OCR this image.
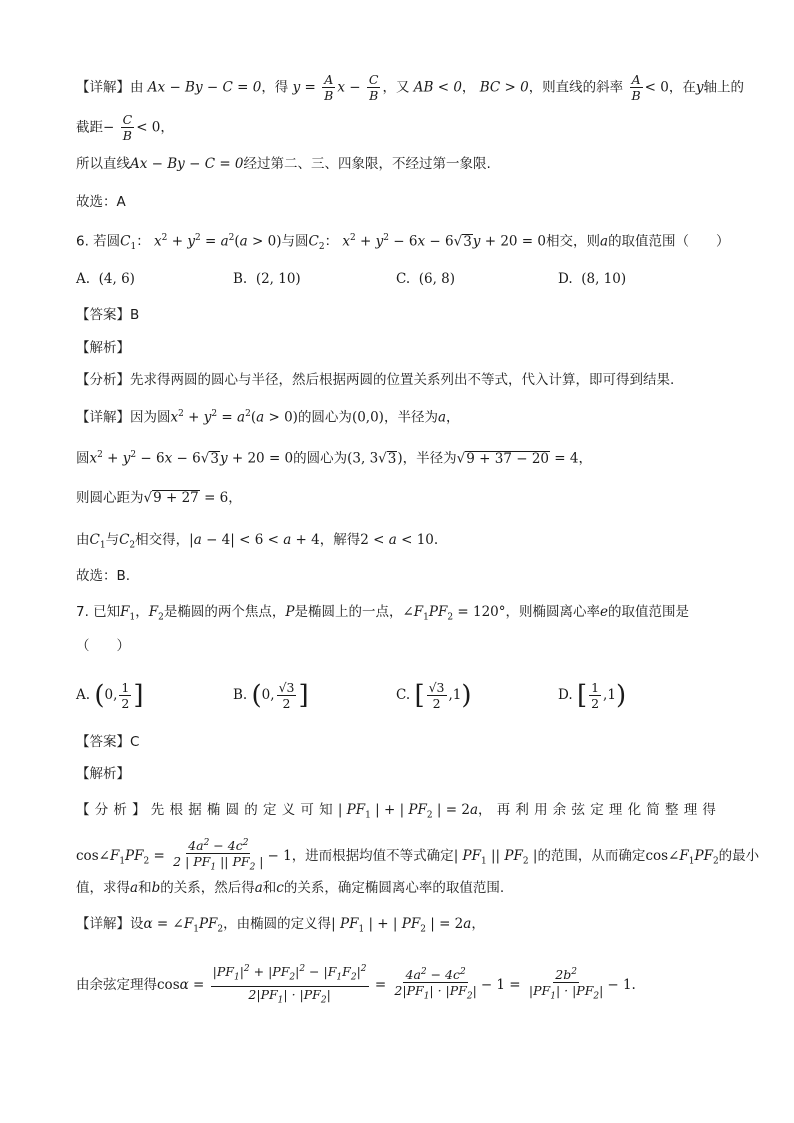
【详解】由 Ax − By − C = 0，得 $y = \frac{A}{B}$ $x - \frac{C}{B}$ ，又 AB < 0， BC > 0，则直线的斜率 $\frac{A}{B} < 0$，在y轴上的
截距− $\frac{C}{B} < 0$，
所以直线Ax − By − C = 0经过第二、三、四象限，不经过第一象限.
故选：A
6. 若圆$C_1$： $x^2 + y^2 = a^2(a > 0)$与圆$C_2$： $x^2 + y^2 - 6x - 6√3y + 20 = 0$相交，则a的取值范围（　　）
A. (4, 6)	B. (2, 10)	C. (6, 8)	D. (8, 10)
【答案】B
【解析】
【分析】先求得两圆的圆心与半径，然后根据两圆的位置关系列出不等式，代入计算，即可得到结果.
【详解】因为圆$x^2 + y^2 = a^2(a > 0)$的圆心为(0,0)，半径为a，
圆$x^2 + y^2 - 6x - 6√3y + 20 = 0$的圆心为(3, 3√3)，半径为√9 + 37 − 20 = 4，
则圆心距为√9 + 27 = 6，
由$C_1$与$C_2$相交得，|a − 4| < 6 < a + 4，解得2 < a < 10.
故选：B.
7. 已知$F_1$，$F_2$是椭圆的两个焦点，P是椭圆上的一点，$\angle F_1PF_2 = 120^\circ$，则椭圆离心率e的取值范围是
（　　）
A. (0, $\frac{1}{2}$ ]	B. (0, $\frac{√3}{2}$ ]	C. [ $\frac{√3}{2} ,1$)	D. [ $\frac{1}{2} ,1$)
【答案】C
【解析】
【分析】先根据椭圆的定义可知| $PF_1$ | + | $PF_2$ | = 2a，再利用余弦定理化简整理得
$\cos\angle F_1PF_2 = \frac{4a^2 - 4c^2}{2 | PF_1 || PF_2 |} - 1$，进而根据均值不等式确定| $PF_1$ || $PF_2$ |的范围，从而确定$\cos\angle F_1PF_2$的最小
值，求得a和b的关系，然后得a和c的关系，确定椭圆离心率的取值范围.
【详解】设$\alpha = \angle F_1PF_2$，由椭圆的定义得| $PF_1$ | + | $PF_2$ | = 2a，
由余弦定理得$\cos\alpha = \frac{|PF_1|^2 + |PF_2|^2 - |F_1F_2|^2}{2|PF_1| \cdot |PF_2|} = \frac{4a^2 - 4c^2}{2|PF_1| \cdot |PF_2|} - 1 = \frac{2b^2}{|PF_1| \cdot |PF_2|} - 1$.
